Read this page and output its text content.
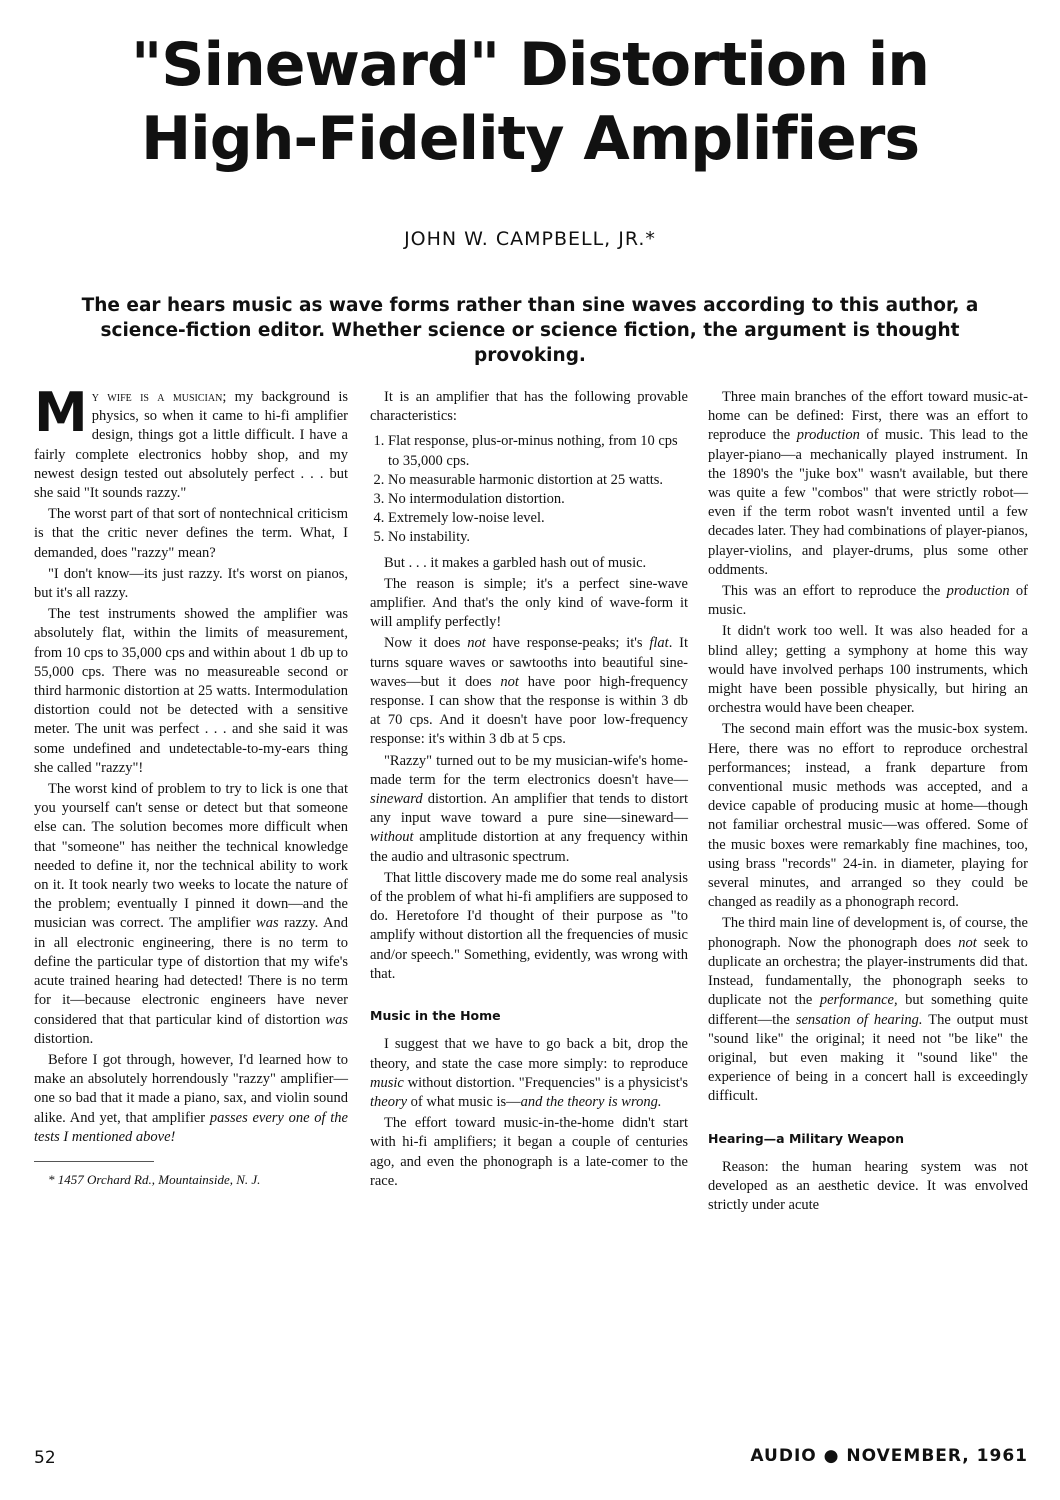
"Sineward" Distortion in
High-Fidelity Amplifiers

JOHN W. CAMPBELL, JR.*

The ear hears music as wave forms rather than sine waves according to this author, a science-fiction editor. Whether science or science fiction, the argument is thought provoking.

My wife is a musician; my background is physics, so when it came to hi-fi amplifier design, things got a little difficult. I have a fairly complete electronics hobby shop, and my newest design tested out absolutely perfect . . . but she said "It sounds razzy."

The worst part of that sort of nontechnical criticism is that the critic never defines the term. What, I demanded, does "razzy" mean?

"I don't know—its just razzy. It's worst on pianos, but it's all razzy.

The test instruments showed the amplifier was absolutely flat, within the limits of measurement, from 10 cps to 35,000 cps and within about 1 db up to 55,000 cps. There was no measureable second or third harmonic distortion at 25 watts. Intermodulation distortion could not be detected with a sensitive meter. The unit was perfect . . . and she said it was some undefined and undetectable-to-my-ears thing she called "razzy"!

The worst kind of problem to try to lick is one that you yourself can't sense or detect but that someone else can. The solution becomes more difficult when that "someone" has neither the technical knowledge needed to define it, nor the technical ability to work on it. It took nearly two weeks to locate the nature of the problem; eventually I pinned it down—and the musician was correct. The amplifier was razzy. And in all electronic engineering, there is no term to define the particular type of distortion that my wife's acute trained hearing had detected! There is no term for it—because electronic engineers have never considered that that particular kind of distortion was distortion.

Before I got through, however, I'd learned how to make an absolutely horrendously "razzy" amplifier—one so bad that it made a piano, sax, and violin sound alike. And yet, that amplifier passes every one of the tests I mentioned above!

* 1457 Orchard Rd., Mountainside, N. J.

It is an amplifier that has the following provable characteristics:

1. Flat response, plus-or-minus nothing, from 10 cps to 35,000 cps.
2. No measurable harmonic distortion at 25 watts.
3. No intermodulation distortion.
4. Extremely low-noise level.
5. No instability.

But . . . it makes a garbled hash out of music.

The reason is simple; it's a perfect sine-wave amplifier. And that's the only kind of wave-form it will amplify perfectly!

Now it does not have response-peaks; it's flat. It turns square waves or sawtooths into beautiful sine-waves—but it does not have poor high-frequency response. I can show that the response is within 3 db at 70 cps. And it doesn't have poor low-frequency response: it's within 3 db at 5 cps.

"Razzy" turned out to be my musician-wife's home-made term for the term electronics doesn't have—sineward distortion. An amplifier that tends to distort any input wave toward a pure sine—sineward—without amplitude distortion at any frequency within the audio and ultrasonic spectrum.

That little discovery made me do some real analysis of the problem of what hi-fi amplifiers are supposed to do. Heretofore I'd thought of their purpose as "to amplify without distortion all the frequencies of music and/or speech." Something, evidently, was wrong with that.

Music in the Home

I suggest that we have to go back a bit, drop the theory, and state the case more simply: to reproduce music without distortion. "Frequencies" is a physicist's theory of what music is—and the theory is wrong.

The effort toward music-in-the-home didn't start with hi-fi amplifiers; it began a couple of centuries ago, and even the phonograph is a late-comer to the race.

Three main branches of the effort toward music-at-home can be defined: First, there was an effort to reproduce the production of music. This lead to the player-piano—a mechanically played instrument. In the 1890's the "juke box" wasn't available, but there was quite a few "combos" that were strictly robot—even if the term robot wasn't invented until a few decades later. They had combinations of player-pianos, player-violins, and player-drums, plus some other oddments.

This was an effort to reproduce the production of music.

It didn't work too well. It was also headed for a blind alley; getting a symphony at home this way would have involved perhaps 100 instruments, which might have been possible physically, but hiring an orchestra would have been cheaper.

The second main effort was the music-box system. Here, there was no effort to reproduce orchestral performances; instead, a frank departure from conventional music methods was accepted, and a device capable of producing music at home—though not familiar orchestral music—was offered. Some of the music boxes were remarkably fine machines, too, using brass "records" 24-in. in diameter, playing for several minutes, and arranged so they could be changed as readily as a phonograph record.

The third main line of development is, of course, the phonograph. Now the phonograph does not seek to duplicate an orchestra; the player-instruments did that. Instead, fundamentally, the phonograph seeks to duplicate not the performance, but something quite different—the sensation of hearing. The output must "sound like" the original; it need not "be like" the original, but even making it "sound like" the experience of being in a concert hall is exceedingly difficult.

Hearing—a Military Weapon

Reason: the human hearing system was not developed as an aesthetic device. It was envolved strictly under acute

52	AUDIO ● NOVEMBER, 1961
